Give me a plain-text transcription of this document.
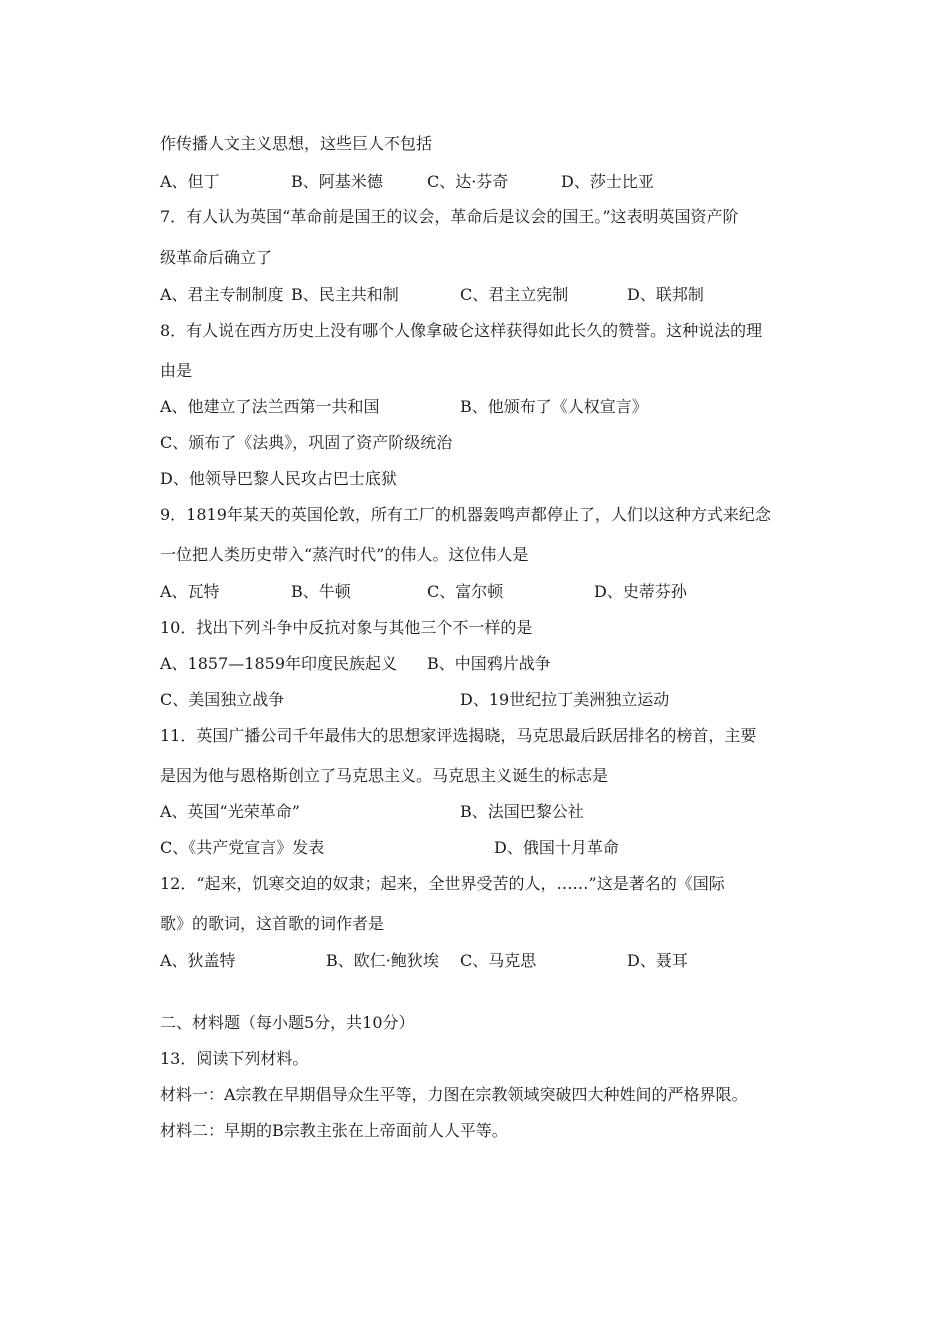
作传播人文主义思想，这些巨人不包括
A、但丁	B、阿基米德	C、达·芬奇	D、莎士比亚
7．有人认为英国“革命前是国王的议会，革命后是议会的国王。”这表明英国资产阶
级革命后确立了
A、君主专制制度 B、民主共和制	C、君主立宪制	D、联邦制
8．有人说在西方历史上没有哪个人像拿破仑这样获得如此长久的赞誉。这种说法的理
由是
A、他建立了法兰西第一共和国	B、他颁布了《人权宣言》
C、颁布了《法典》，巩固了资产阶级统治
D、他领导巴黎人民攻占巴士底狱
9．1819年某天的英国伦敦，所有工厂的机器轰鸣声都停止了，人们以这种方式来纪念
一位把人类历史带入“蒸汽时代”的伟人。这位伟人是
A、瓦特	B、牛顿	C、富尔顿	D、史蒂芬孙
10．找出下列斗争中反抗对象与其他三个不一样的是
A、1857—1859年印度民族起义 B、中国鸦片战争
C、美国独立战争	D、19世纪拉丁美洲独立运动
11．英国广播公司千年最伟大的思想家评选揭晓，马克思最后跃居排名的榜首，主要
是因为他与恩格斯创立了马克思主义。马克思主义诞生的标志是
A、英国“光荣革命”	B、法国巴黎公社
C、《共产党宣言》发表	D、俄国十月革命
12．“起来，饥寒交迫的奴隶；起来，全世界受苦的人，……”这是著名的《国际
歌》的歌词，这首歌的词作者是
A、狄盖特	B、欧仁·鲍狄埃 C、马克思	D、聂耳
二、材料题（每小题5分，共10分）
13．阅读下列材料。
材料一：A宗教在早期倡导众生平等，力图在宗教领域突破四大种姓间的严格界限。
材料二：早期的B宗教主张在上帝面前人人平等。
